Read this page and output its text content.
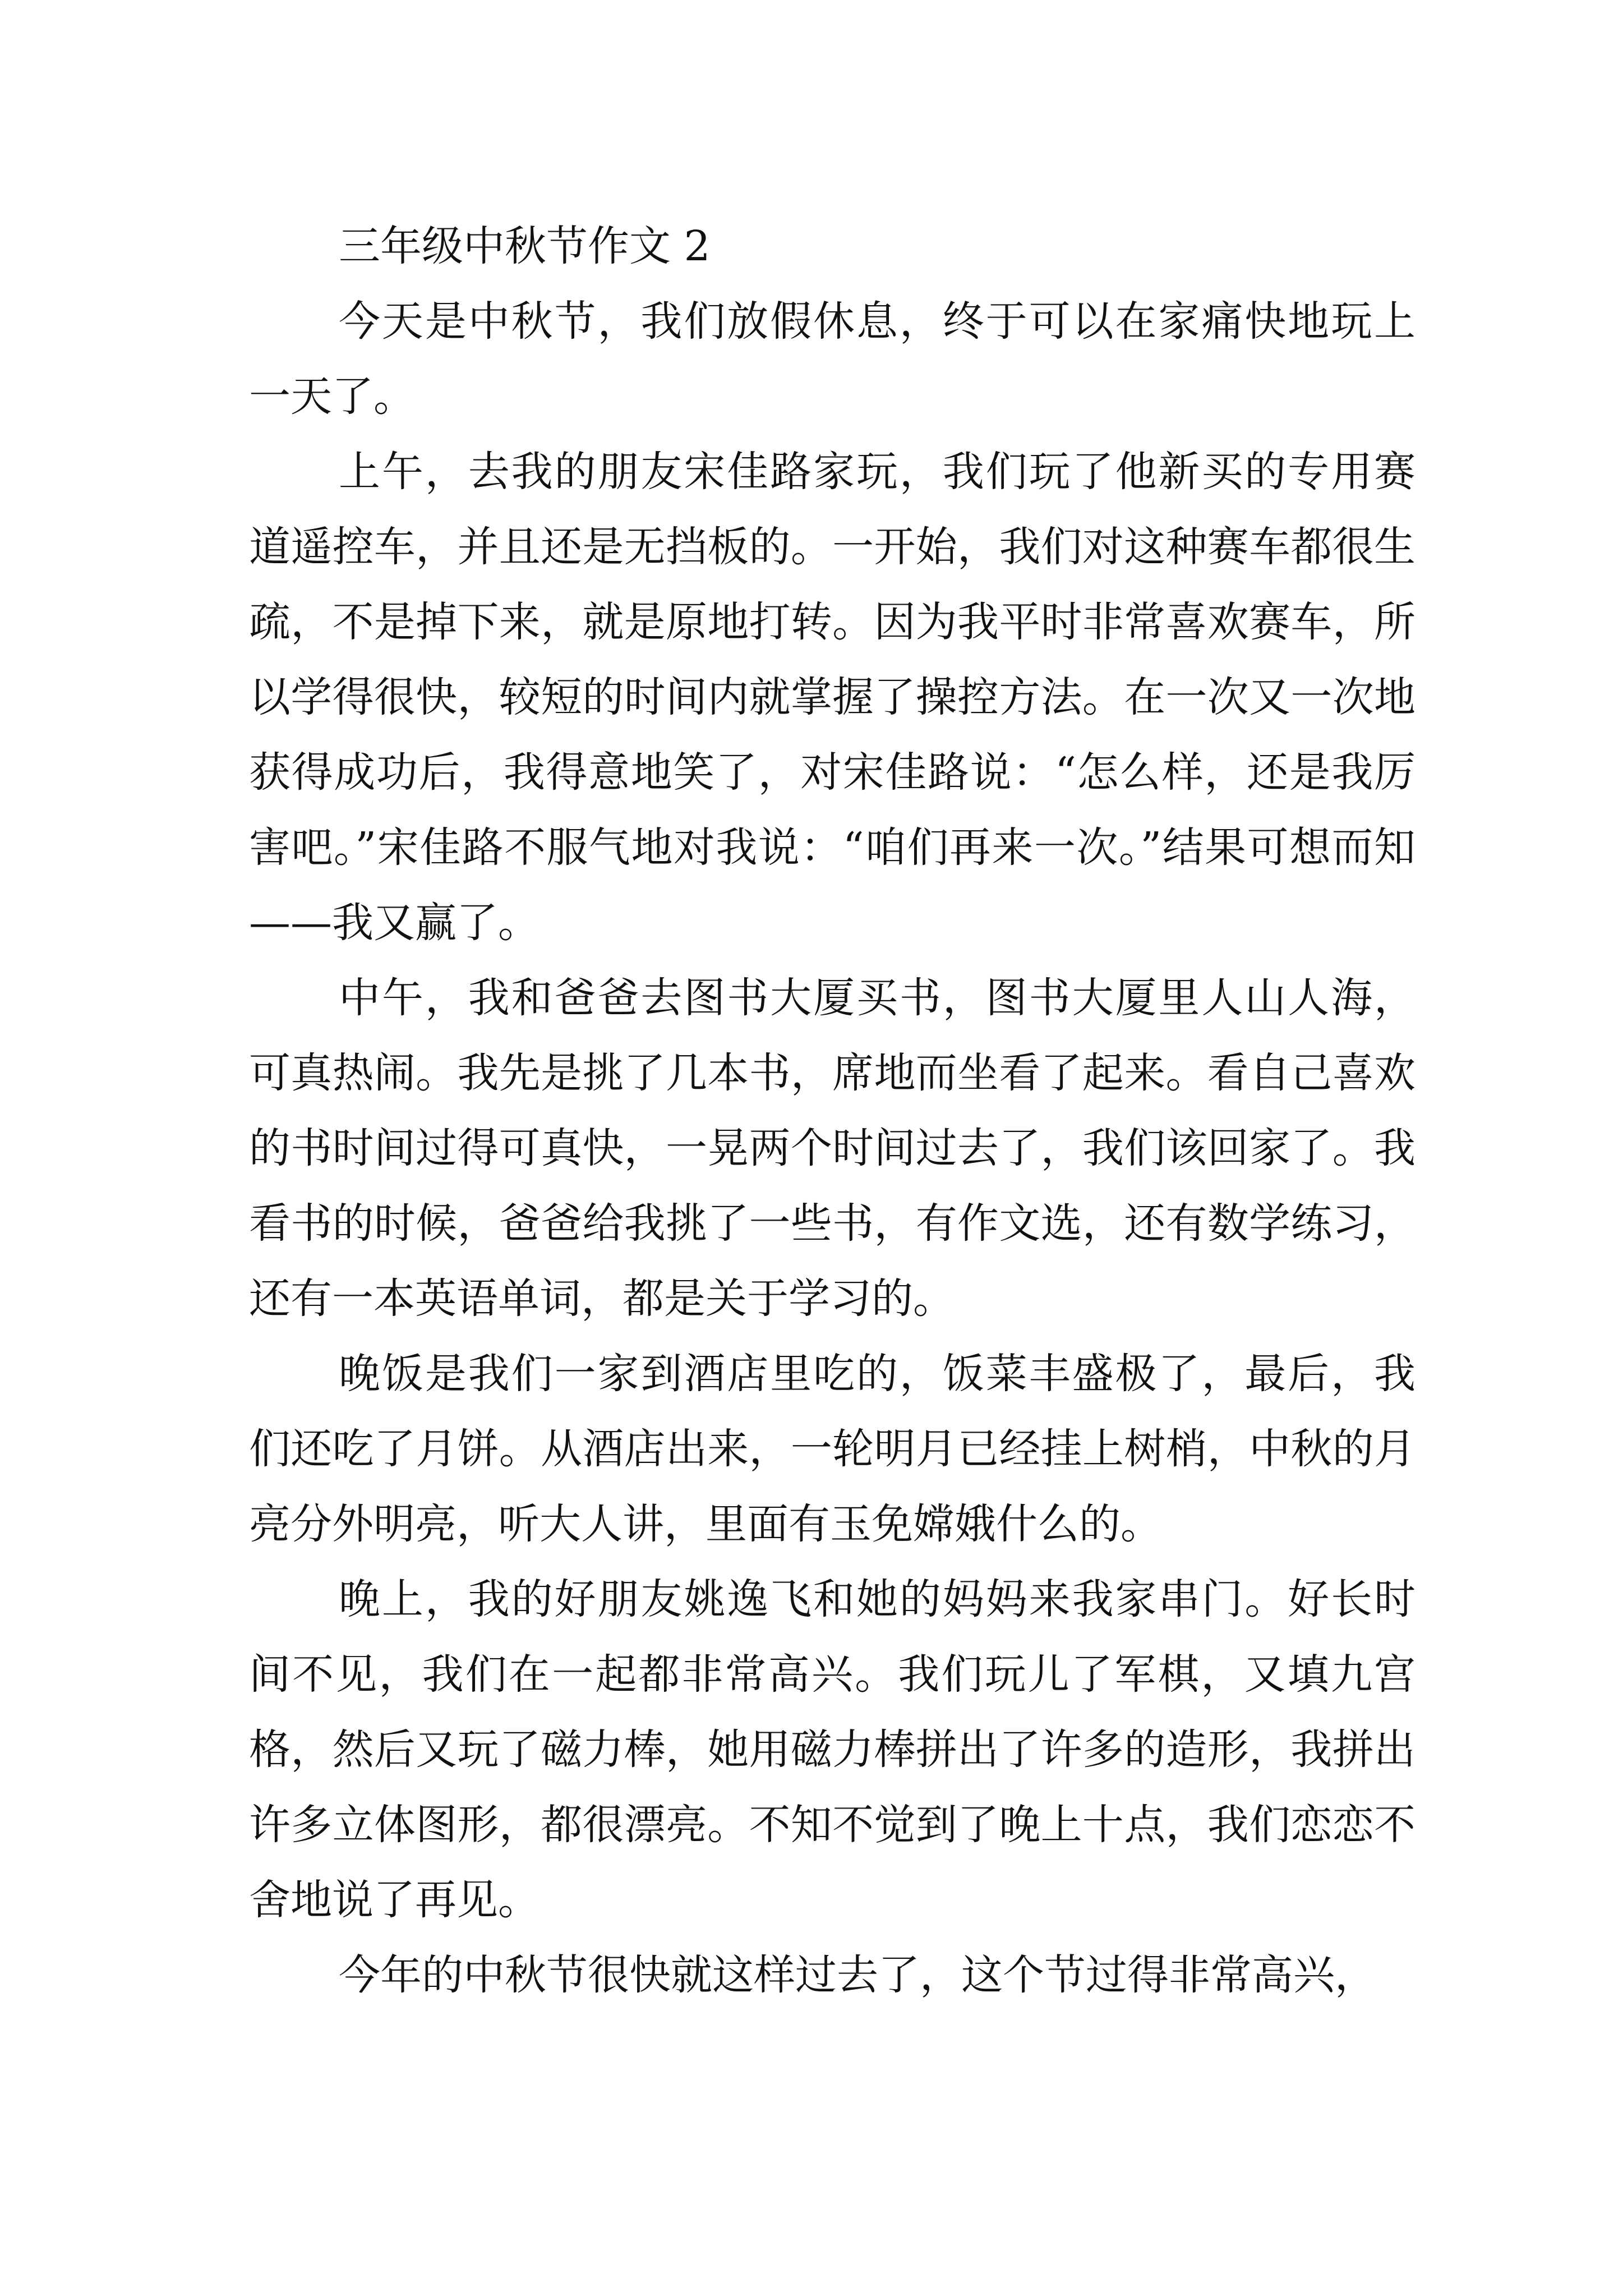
三年级中秋节作文 2

今天是中秋节，我们放假休息，终于可以在家痛快地玩上一天了。

上午，去我的朋友宋佳路家玩，我们玩了他新买的专用赛道遥控车，并且还是无挡板的。一开始，我们对这种赛车都很生疏，不是掉下来，就是原地打转。因为我平时非常喜欢赛车，所以学得很快，较短的时间内就掌握了操控方法。在一次又一次地获得成功后，我得意地笑了，对宋佳路说：“怎么样，还是我厉害吧。”宋佳路不服气地对我说：“咱们再来一次。”结果可想而知——我又赢了。

中午，我和爸爸去图书大厦买书，图书大厦里人山人海，可真热闹。我先是挑了几本书，席地而坐看了起来。看自己喜欢的书时间过得可真快，一晃两个时间过去了，我们该回家了。我看书的时候，爸爸给我挑了一些书，有作文选，还有数学练习，还有一本英语单词，都是关于学习的。

晚饭是我们一家到酒店里吃的，饭菜丰盛极了，最后，我们还吃了月饼。从酒店出来，一轮明月已经挂上树梢，中秋的月亮分外明亮，听大人讲，里面有玉免嫦娥什么的。

晚上，我的好朋友姚逸飞和她的妈妈来我家串门。好长时间不见，我们在一起都非常高兴。我们玩儿了军棋，又填九宫格，然后又玩了磁力棒，她用磁力棒拼出了许多的造形，我拼出许多立体图形，都很漂亮。不知不觉到了晚上十点，我们恋恋不舍地说了再见。

今年的中秋节很快就这样过去了，这个节过得非常高兴，
